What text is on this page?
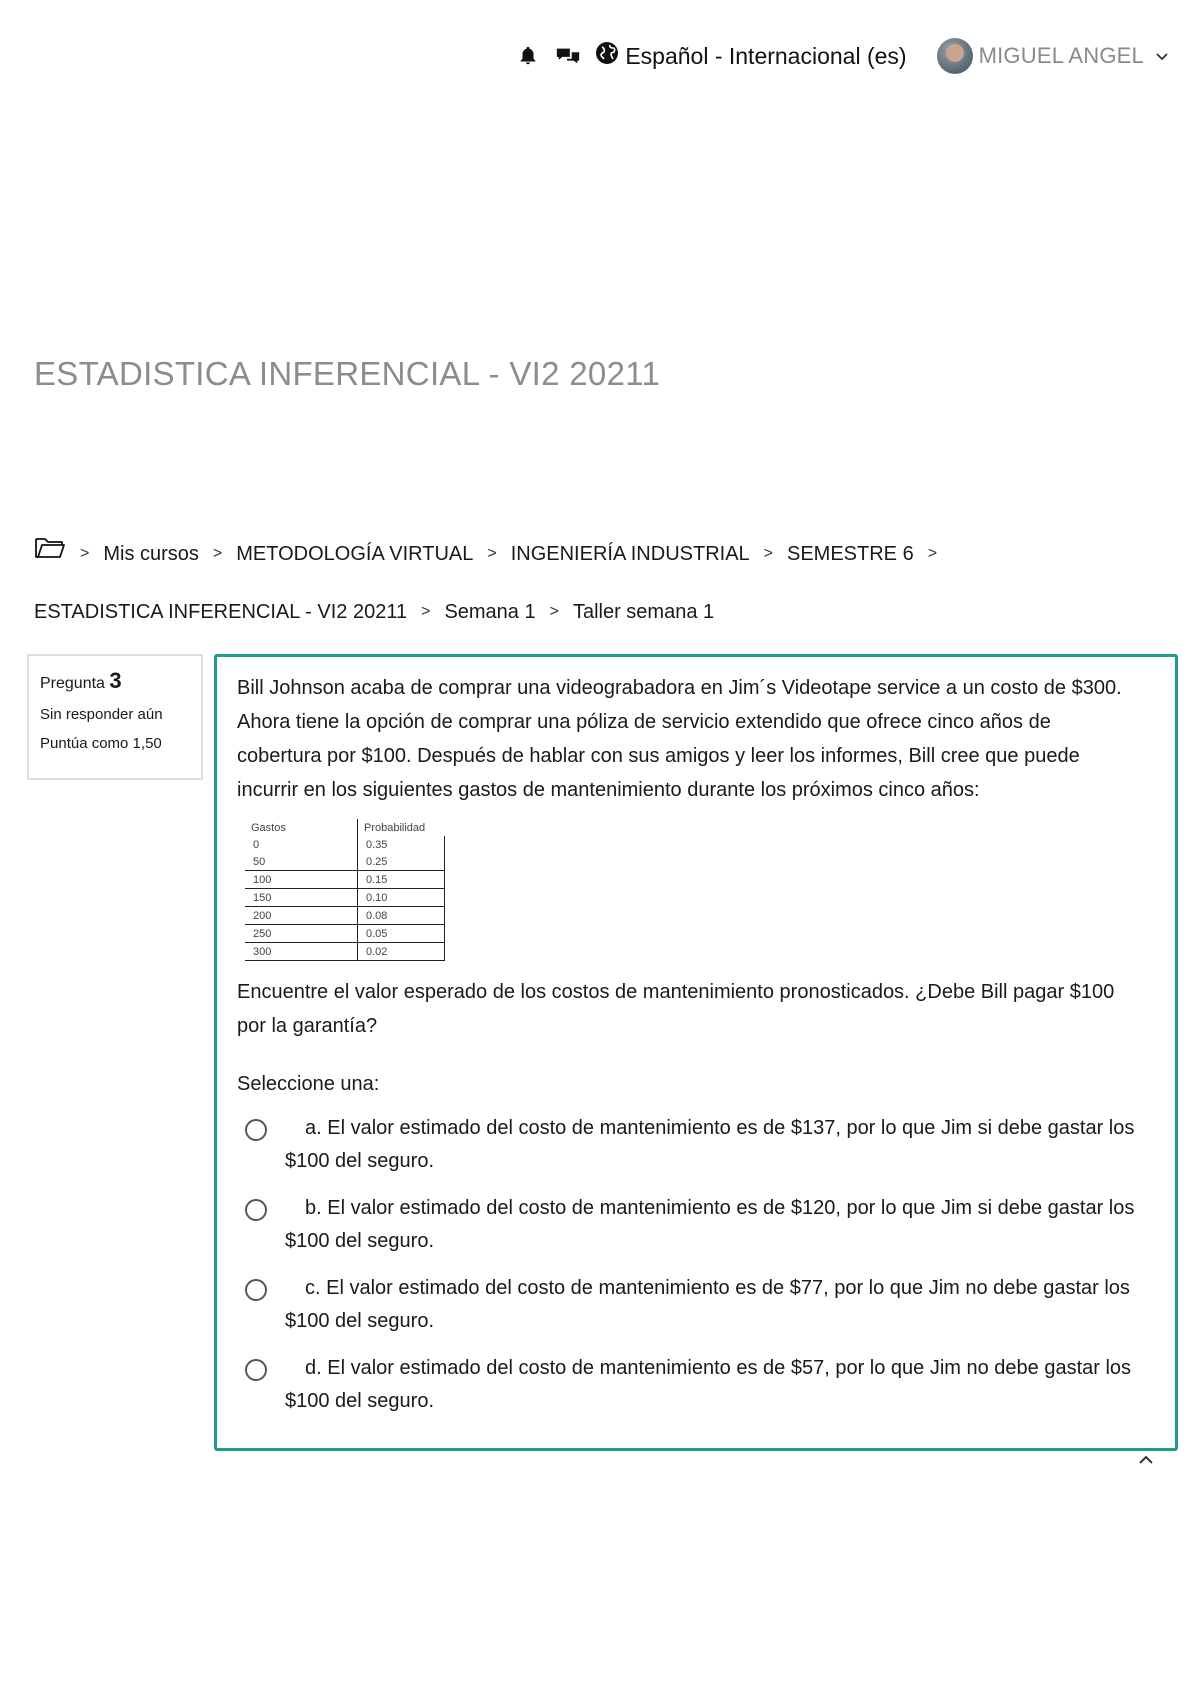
Español - Internacional (es)	MIGUEL ANGEL
ESTADISTICA INFERENCIAL - VI2 20211
> Mis cursos > METODOLOGÍA VIRTUAL > INGENIERÍA INDUSTRIAL > SEMESTRE 6 >
ESTADISTICA INFERENCIAL - VI2 20211 > Semana 1 > Taller semana 1
Pregunta 3
Sin responder aún
Puntúa como 1,50

Bill Johnson acaba de comprar una videograbadora en Jim´s Videotape service a un costo de $300. Ahora tiene la opción de comprar una póliza de servicio extendido que ofrece cinco años de cobertura por $100. Después de hablar con sus amigos y leer los informes, Bill cree que puede incurrir en los siguientes gastos de mantenimiento durante los próximos cinco años:

Gastos	Probabilidad
0	0.35
50	0.25
100	0.15
150	0.10
200	0.08
250	0.05
300	0.02

Encuentre el valor esperado de los costos de mantenimiento pronosticados. ¿Debe Bill pagar $100 por la garantía?

Seleccione una:
a. El valor estimado del costo de mantenimiento es de $137, por lo que Jim si debe gastar los $100 del seguro.
b. El valor estimado del costo de mantenimiento es de $120, por lo que Jim si debe gastar los $100 del seguro.
c. El valor estimado del costo de mantenimiento es de $77, por lo que Jim no debe gastar los $100 del seguro.
d. El valor estimado del costo de mantenimiento es de $57, por lo que Jim no debe gastar los $100 del seguro.
